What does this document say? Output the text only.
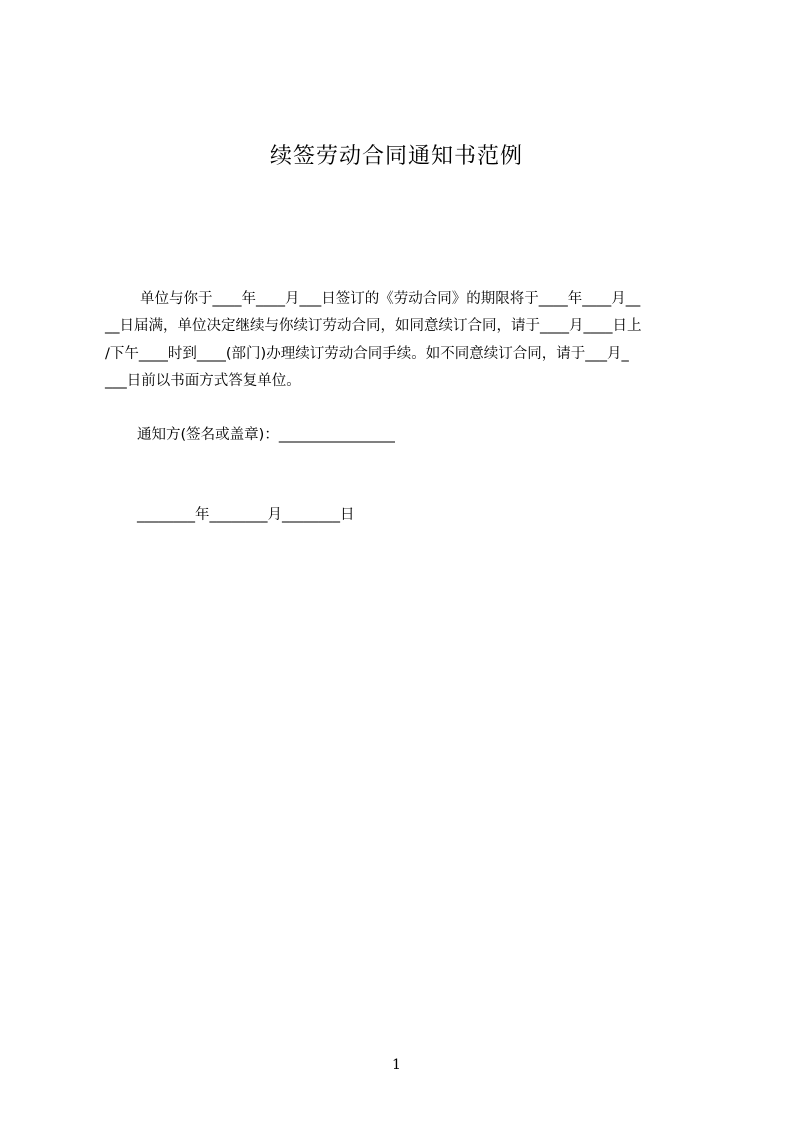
续签劳动合同通知书范例
单位与你于____年____月___日签订的《劳动合同》的期限将于____年____月__
__日届满，单位决定继续与你续订劳动合同，如同意续订合同，请于____月____日上
/下午____时到____(部门)办理续订劳动合同手续。如不同意续订合同，请于___月_
___日前以书面方式答复单位。
通知方(签名或盖章)：________________
________年________月________日
1
